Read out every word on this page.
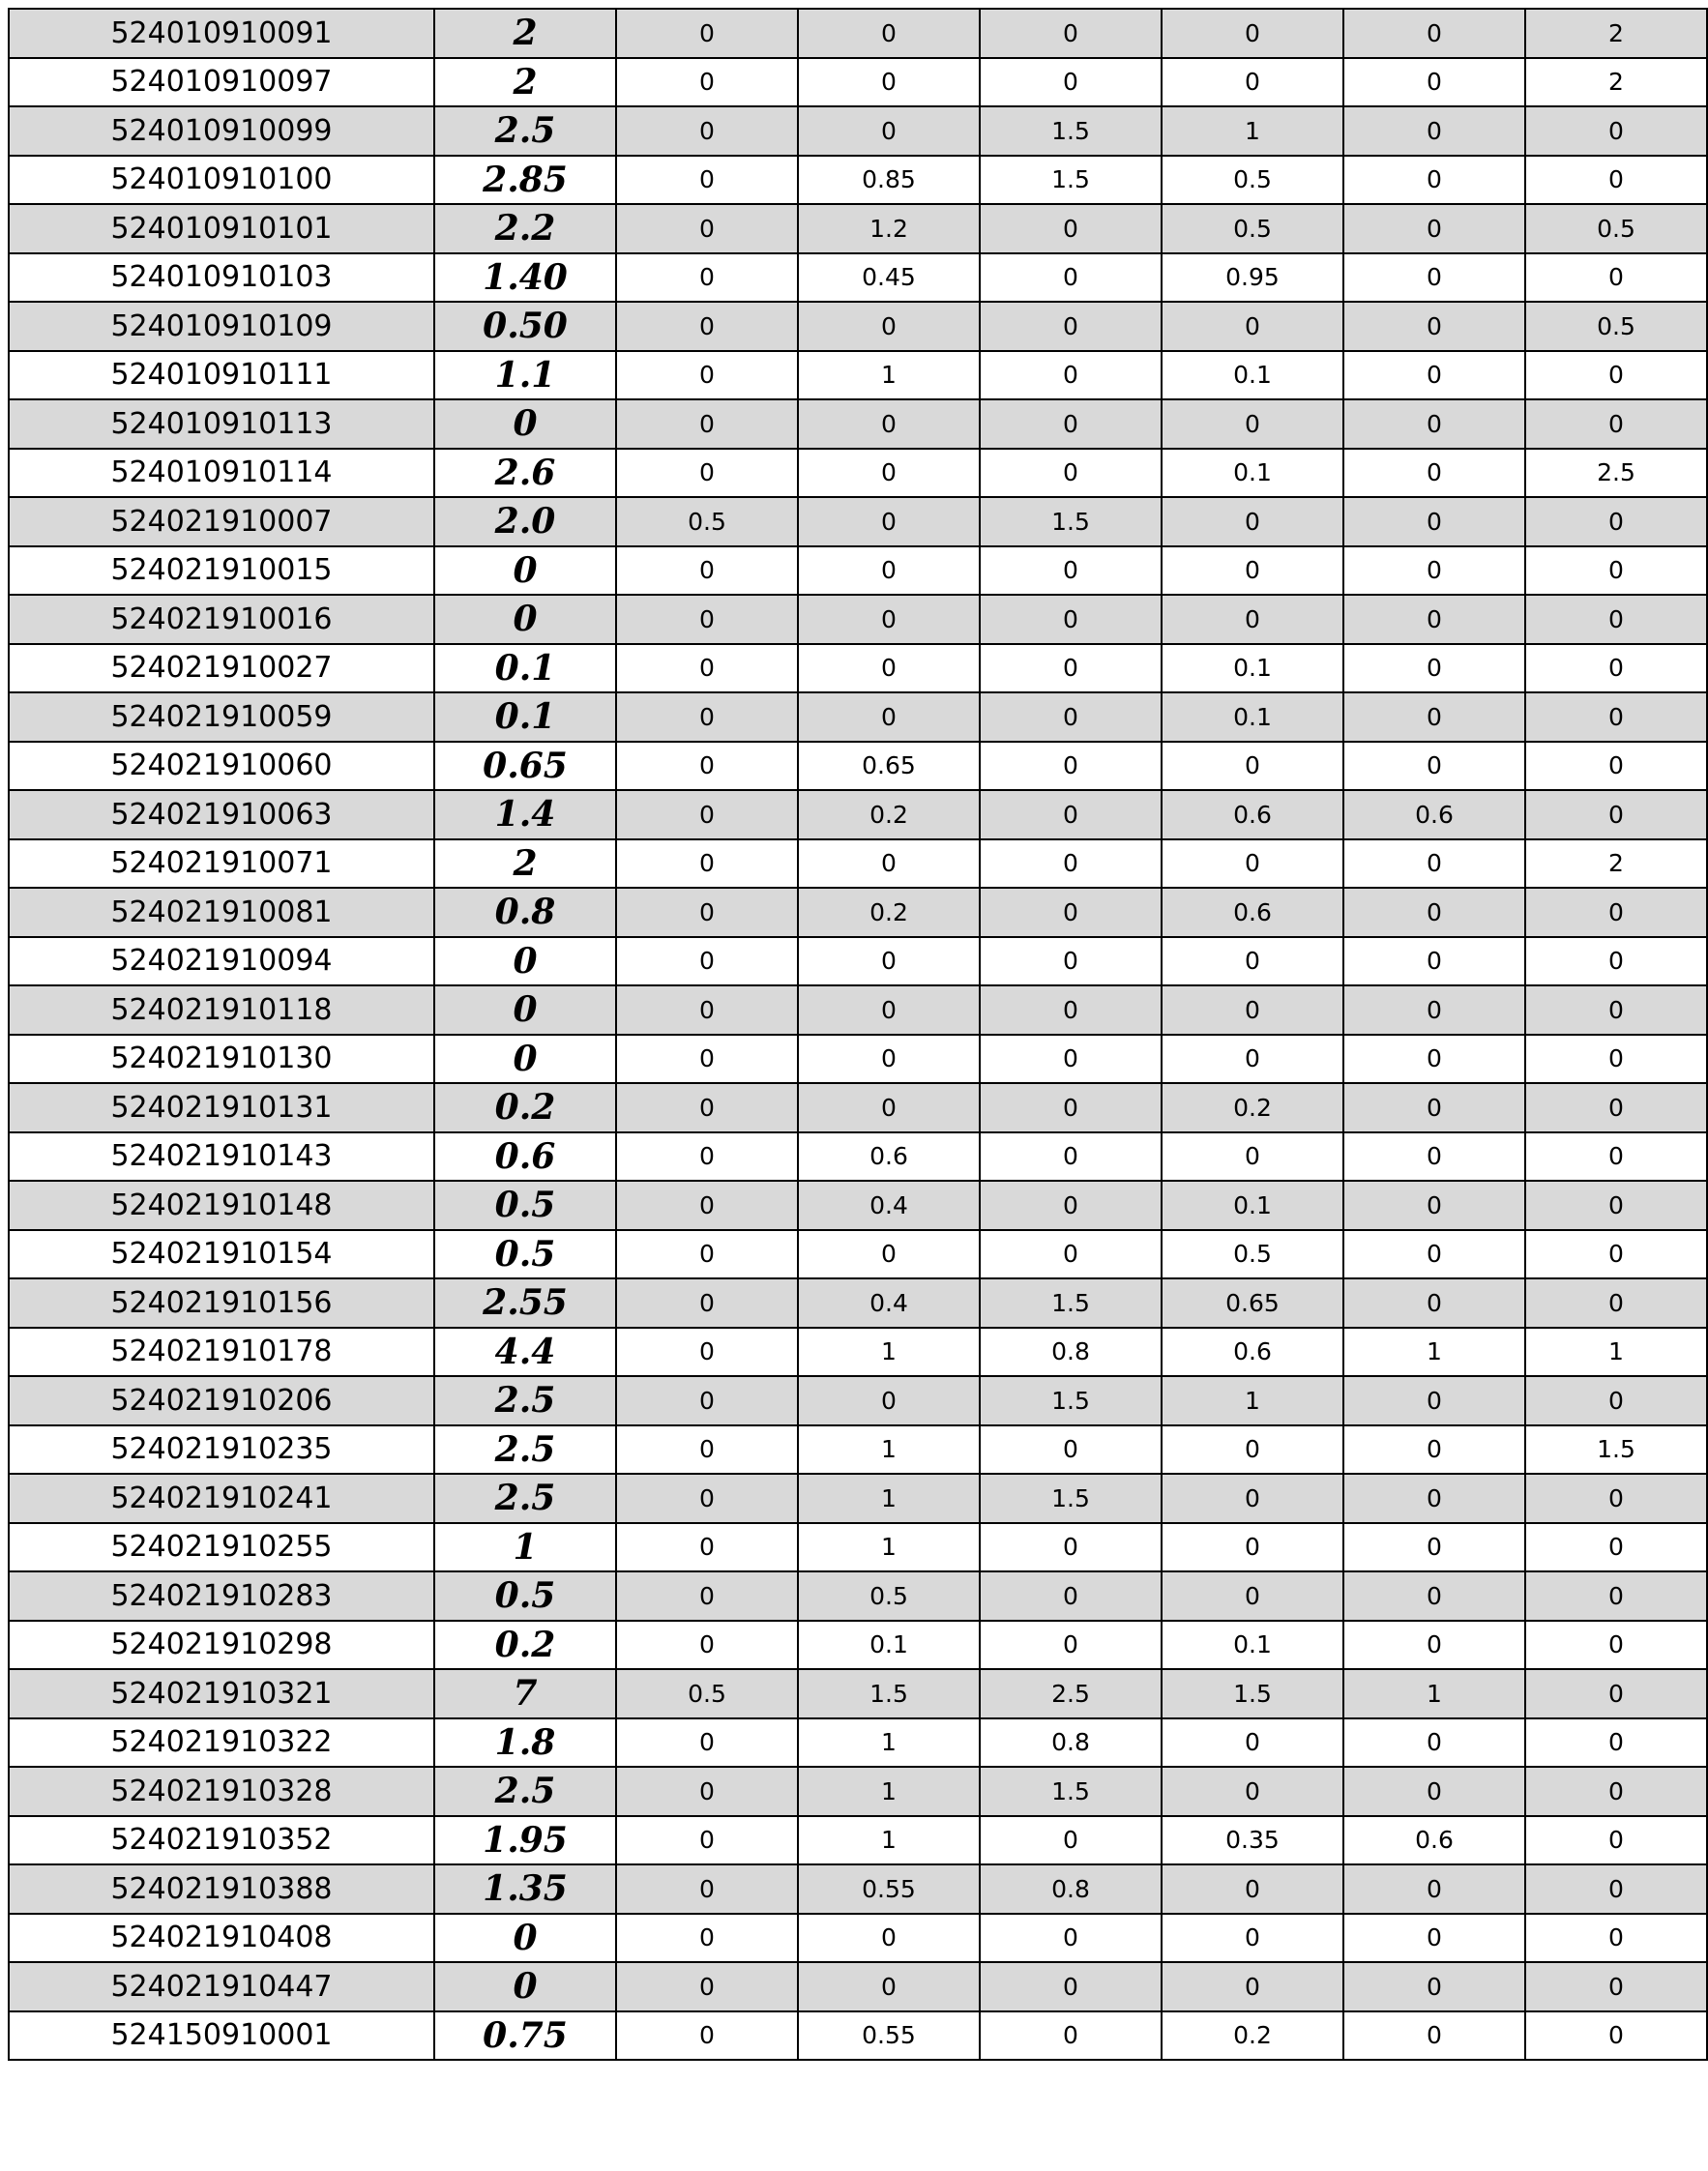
524010910091	2	0	0	0	0	0	2
524010910097	2	0	0	0	0	0	2
524010910099	2.5	0	0	1.5	1	0	0
524010910100	2.85	0	0.85	1.5	0.5	0	0
524010910101	2.2	0	1.2	0	0.5	0	0.5
524010910103	1.40	0	0.45	0	0.95	0	0
524010910109	0.50	0	0	0	0	0	0.5
524010910111	1.1	0	1	0	0.1	0	0
524010910113	0	0	0	0	0	0	0
524010910114	2.6	0	0	0	0.1	0	2.5
524021910007	2.0	0.5	0	1.5	0	0	0
524021910015	0	0	0	0	0	0	0
524021910016	0	0	0	0	0	0	0
524021910027	0.1	0	0	0	0.1	0	0
524021910059	0.1	0	0	0	0.1	0	0
524021910060	0.65	0	0.65	0	0	0	0
524021910063	1.4	0	0.2	0	0.6	0.6	0
524021910071	2	0	0	0	0	0	2
524021910081	0.8	0	0.2	0	0.6	0	0
524021910094	0	0	0	0	0	0	0
524021910118	0	0	0	0	0	0	0
524021910130	0	0	0	0	0	0	0
524021910131	0.2	0	0	0	0.2	0	0
524021910143	0.6	0	0.6	0	0	0	0
524021910148	0.5	0	0.4	0	0.1	0	0
524021910154	0.5	0	0	0	0.5	0	0
524021910156	2.55	0	0.4	1.5	0.65	0	0
524021910178	4.4	0	1	0.8	0.6	1	1
524021910206	2.5	0	0	1.5	1	0	0
524021910235	2.5	0	1	0	0	0	1.5
524021910241	2.5	0	1	1.5	0	0	0
524021910255	1	0	1	0	0	0	0
524021910283	0.5	0	0.5	0	0	0	0
524021910298	0.2	0	0.1	0	0.1	0	0
524021910321	7	0.5	1.5	2.5	1.5	1	0
524021910322	1.8	0	1	0.8	0	0	0
524021910328	2.5	0	1	1.5	0	0	0
524021910352	1.95	0	1	0	0.35	0.6	0
524021910388	1.35	0	0.55	0.8	0	0	0
524021910408	0	0	0	0	0	0	0
524021910447	0	0	0	0	0	0	0
524150910001	0.75	0	0.55	0	0.2	0	0
